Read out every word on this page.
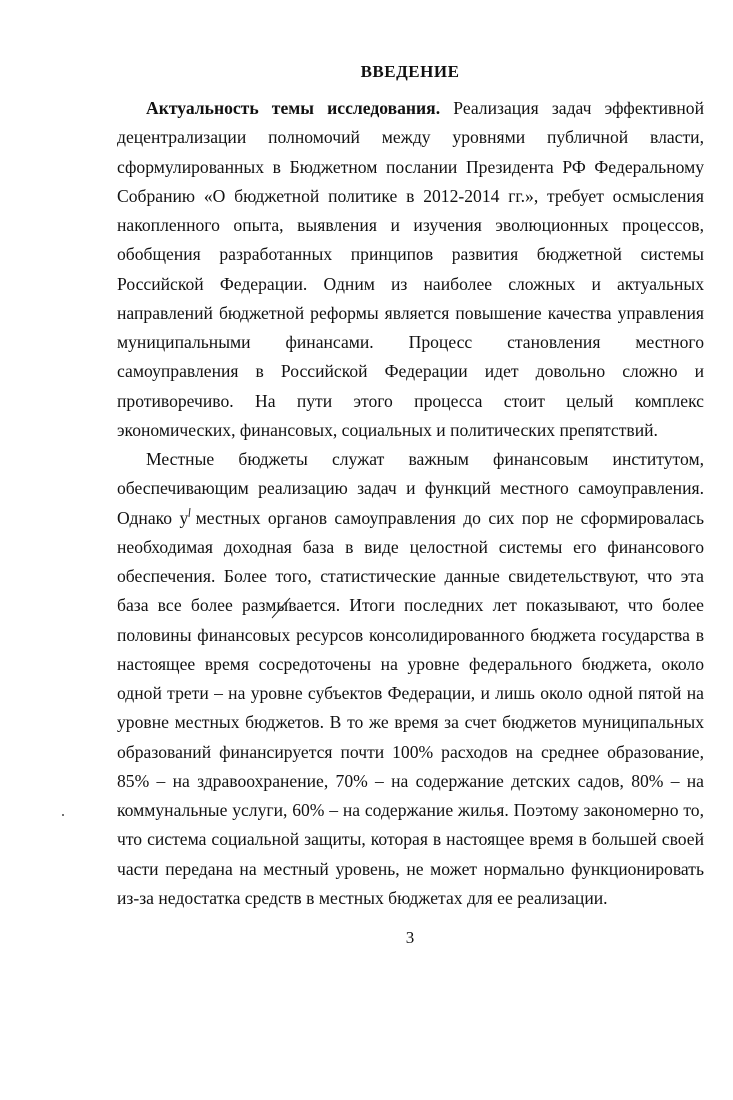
ВВЕДЕНИЕ

Актуальность темы исследования. Реализация задач эффективной
децентрализации полномочий между уровнями публичной власти,
сформулированных в Бюджетном послании Президента РФ Федеральному
Собранию «О бюджетной политике в 2012-2014 гг.», требует осмысления
накопленного опыта, выявления и изучения эволюционных процессов,
обобщения разработанных принципов развития бюджетной системы
Российской Федерации. Одним из наиболее сложных и актуальных
направлений бюджетной реформы является повышение качества управления
муниципальными финансами. Процесс становления местного
самоуправления в Российской Федерации идет довольно сложно и
противоречиво. На пути этого процесса стоит целый комплекс
экономических, финансовых, социальных и политических препятствий.

Местные бюджеты служат важным финансовым институтом,
обеспечивающим реализацию задач и функций местного самоуправления.
Однако у местных органов самоуправления до сих пор не сформировалась
необходимая доходная база в виде целостной системы его финансового
обеспечения. Более того, статистические данные свидетельствуют, что эта
база все более размывается. Итоги последних лет показывают, что более
половины финансовых ресурсов консолидированного бюджета государства в
настоящее время сосредоточены на уровне федерального бюджета, около
одной трети – на уровне субъектов Федерации, и лишь около одной пятой на
уровне местных бюджетов. В то же время за счет бюджетов муниципальных
образований финансируется почти 100% расходов на среднее образование,
85% – на здравоохранение, 70% – на содержание детских садов, 80% – на
коммунальные услуги, 60% – на содержание жилья. Поэтому закономерно то,
что система социальной защиты, которая в настоящее время в большей своей
части передана на местный уровень, не может нормально функционировать
из-за недостатка средств в местных бюджетах для ее реализации.

3
